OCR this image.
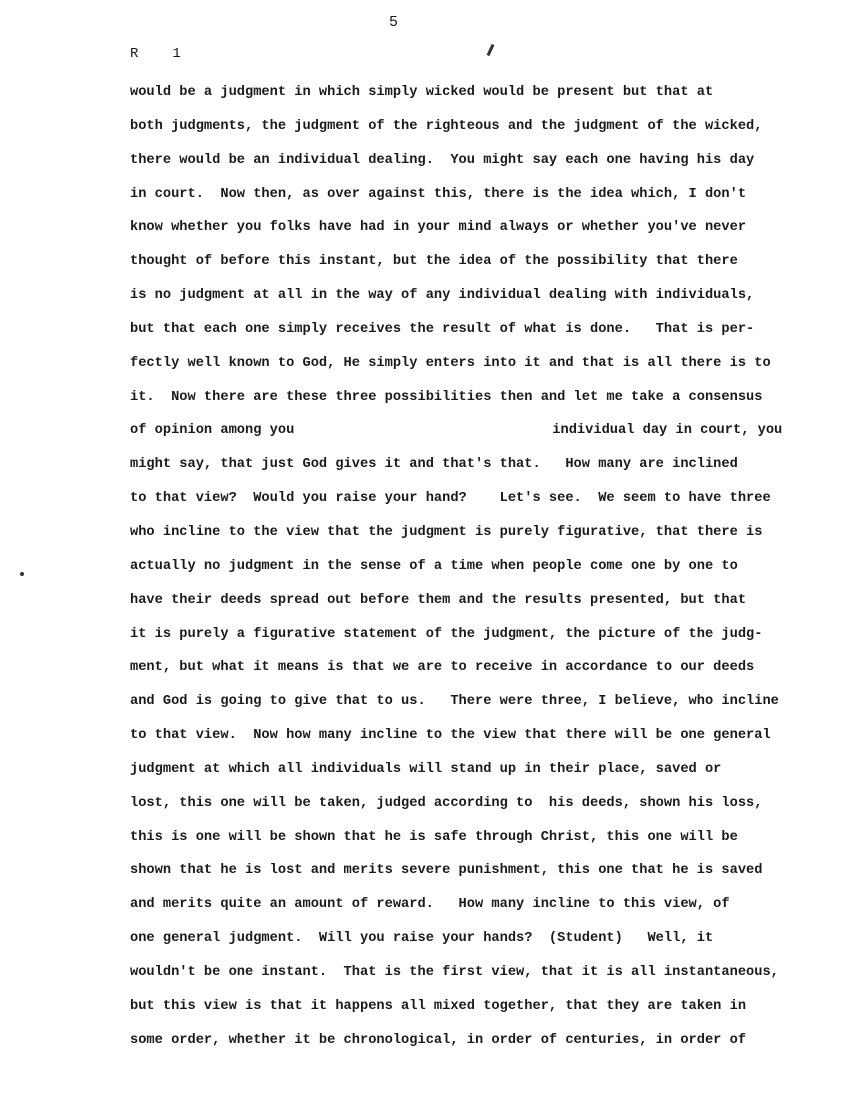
5
R 1
would be a judgment in which simply wicked would be present but that at
both judgments, the judgment of the righteous and the judgment of the wicked,
there would be an individual dealing.  You might say each one having his day
in court.  Now then, as over against this, there is the idea which, I don't
know whether you folks have had in your mind always or whether you've never
thought of before this instant, but the idea of the possibility that there
is no judgment at all in the way of any individual dealing with individuals,
but that each one simply receives the result of what is done.   That is per-
fectly well known to God, He simply enters into it and that is all there is to
it.  Now there are these three possibilities then and let me take a consensus
of opinion among you	individual day in court, you
might say, that just God gives it and that's that.   How many are inclined
to that view?  Would you raise your hand?    Let's see.  We seem to have three
who incline to the view that the judgment is purely figurative, that there is
actually no judgment in the sense of a time when people come one by one to
have their deeds spread out before them and the results presented, but that
it is purely a figurative statement of the judgment, the picture of the judg-
ment, but what it means is that we are to receive in accordance to our deeds
and God is going to give that to us.   There were three, I believe, who incline
to that view.  Now how many incline to the view that there will be one general
judgment at which all individuals will stand up in their place, saved or
lost, this one will be taken, judged according to  his deeds, shown his loss,
this is one will be shown that he is safe through Christ, this one will be
shown that he is lost and merits severe punishment, this one that he is saved
and merits quite an amount of reward.   How many incline to this view, of
one general judgment.  Will you raise your hands?  (Student)   Well, it
wouldn't be one instant.  That is the first view, that it is all instantaneous,
but this view is that it happens all mixed together, that they are taken in
some order, whether it be chronological, in order of centuries, in order of
